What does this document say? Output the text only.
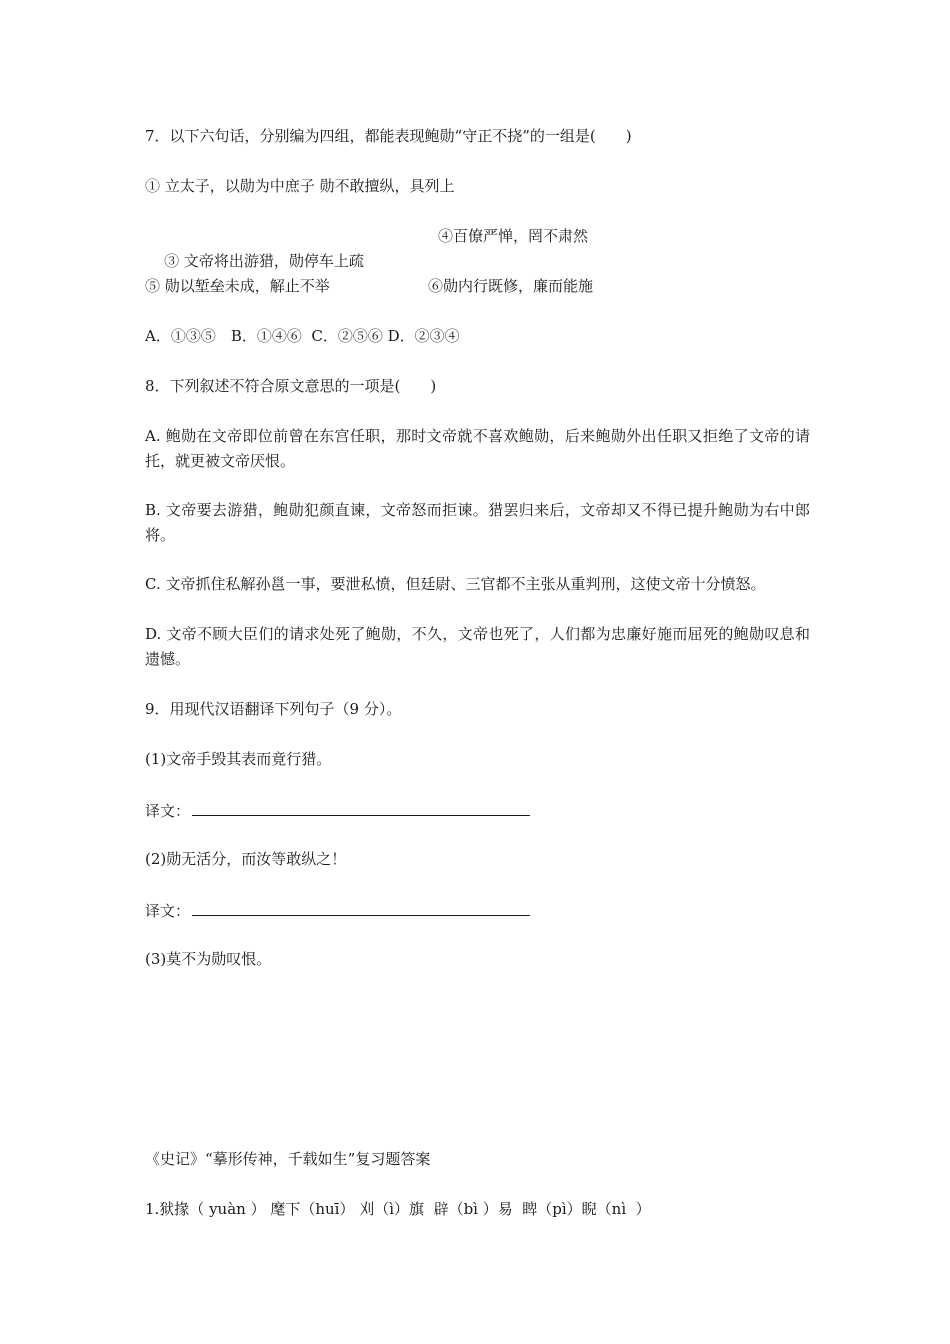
7．以下六句话，分别编为四组，都能表现鲍勋“守正不挠”的一组是(　　)
① 立太子，以勋为中庶子 勋不敢擅纵，具列上

③ 文帝将出游猎，勋停车上疏

④百僚严惮，罔不肃然
⑤ 勋以堑垒未成，解止不举	⑥勋内行既修，廉而能施
A．①③⑤　B．①④⑥  C．②⑤⑥ D．②③④
8．下列叙述不符合原文意思的一项是(　　)
A. 鲍勋在文帝即位前曾在东宫任职，那时文帝就不喜欢鲍勋，后来鲍勋外出任职又拒绝了文帝的请托，就更被文帝厌恨。
B. 文帝要去游猎，鲍勋犯颜直谏，文帝怒而拒谏。猎罢归来后，文帝却又不得已提升鲍勋为右中郎将。
C. 文帝抓住私解孙邕一事，要泄私愤，但廷尉、三官都不主张从重判刑，这使文帝十分愤怒。
D. 文帝不顾大臣们的请求处死了鲍勋，不久，文帝也死了，人们都为忠廉好施而屈死的鲍勋叹息和遗憾。
9．用现代汉语翻译下列句子（9 分）。
(1)文帝手毁其表而竟行猎。
译文：
(2)勋无活分，而汝等敢纵之！
译文：
(3)莫不为勋叹恨。
《史记》“摹形传神，千载如生”复习题答案
1.狱掾（ yuàn ） 麾下（huī） 刈（ì）旗  辟（bì ）易  睥（pì）睨（nì  ）
